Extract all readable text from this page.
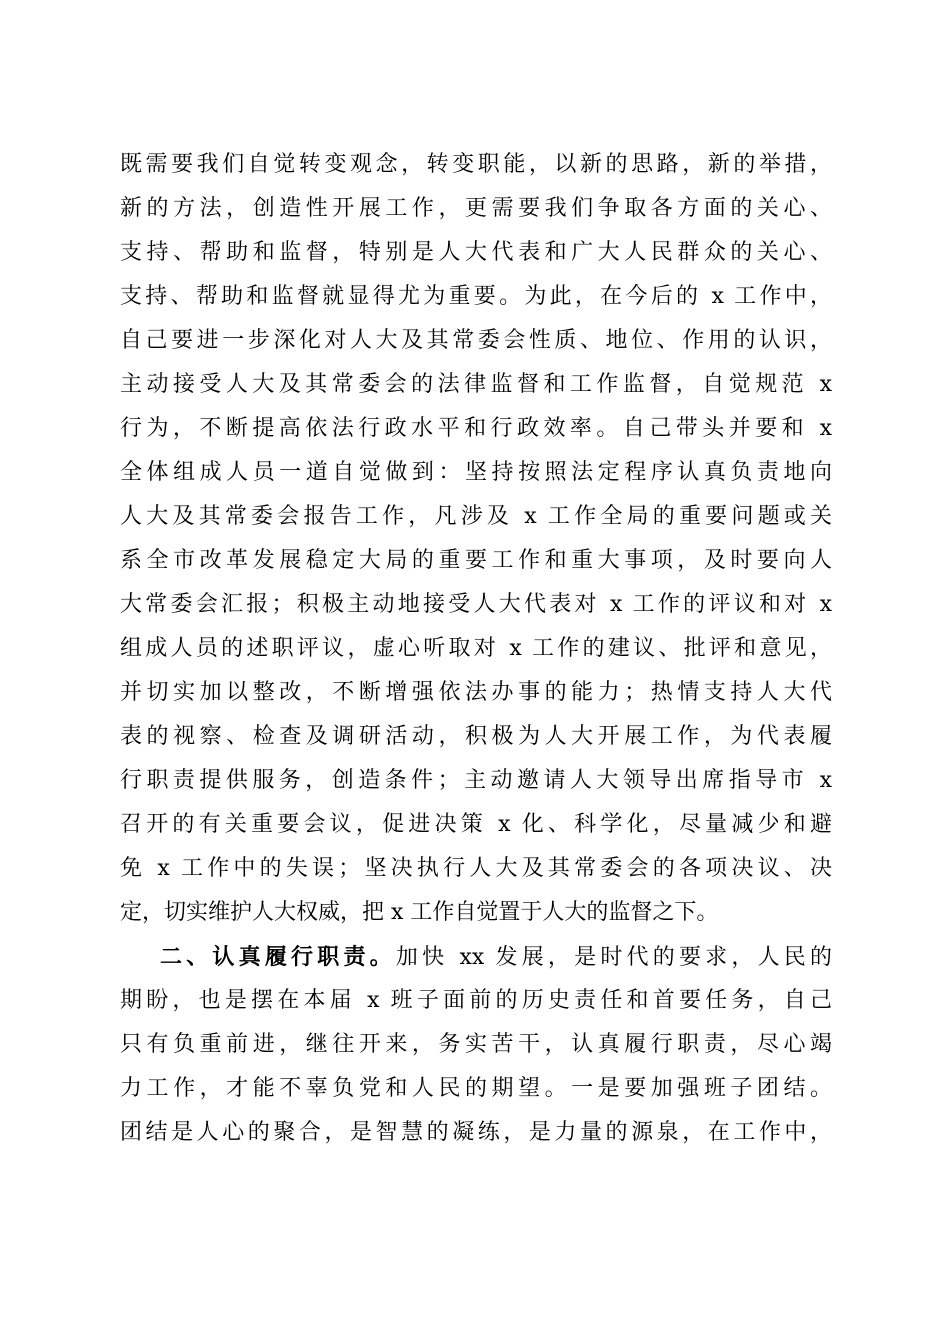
既需要我们自觉转变观念，转变职能，以新的思路，新的举措，
新的方法，创造性开展工作，更需要我们争取各方面的关心、
支持、帮助和监督，特别是人大代表和广大人民群众的关心、
支持、帮助和监督就显得尤为重要。为此，在今后的 x 工作中，
自己要进一步深化对人大及其常委会性质、地位、作用的认识，
主动接受人大及其常委会的法律监督和工作监督，自觉规范 x
行为，不断提高依法行政水平和行政效率。自己带头并要和 x
全体组成人员一道自觉做到：坚持按照法定程序认真负责地向
人大及其常委会报告工作，凡涉及 x 工作全局的重要问题或关
系全市改革发展稳定大局的重要工作和重大事项，及时要向人
大常委会汇报；积极主动地接受人大代表对 x 工作的评议和对 x
组成人员的述职评议，虚心听取对 x 工作的建议、批评和意见，
并切实加以整改，不断增强依法办事的能力；热情支持人大代
表的视察、检查及调研活动，积极为人大开展工作，为代表履
行职责提供服务，创造条件；主动邀请人大领导出席指导市 x
召开的有关重要会议，促进决策 x 化、科学化，尽量减少和避
免 x 工作中的失误；坚决执行人大及其常委会的各项决议、决
定，切实维护人大权威，把 x 工作自觉置于人大的监督之下。
二、认真履行职责。加快 xx 发展，是时代的要求，人民的
期盼，也是摆在本届 x 班子面前的历史责任和首要任务，自己
只有负重前进，继往开来，务实苦干，认真履行职责，尽心竭
力工作，才能不辜负党和人民的期望。一是要加强班子团结。
团结是人心的聚合，是智慧的凝练，是力量的源泉，在工作中，
